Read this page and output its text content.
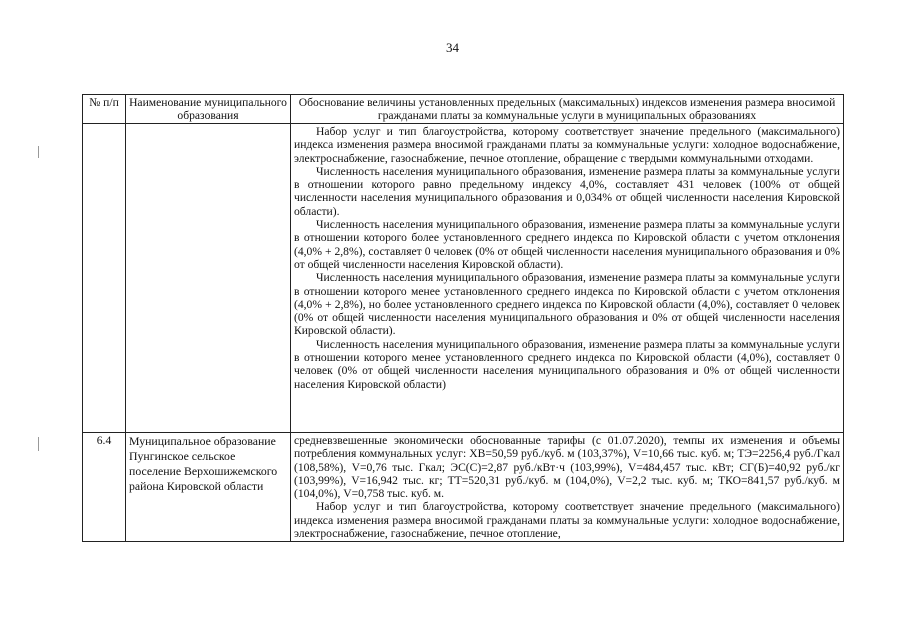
34
№ п/п	Наименование муниципального образования	Обоснование величины установленных предельных (максимальных) индексов изменения размера вносимой гражданами платы за коммунальные услуги в муниципальных образованиях

		Набор услуг и тип благоустройства, которому соответствует значение предельного (максимального) индекса изменения размера вносимой гражданами платы за коммунальные услуги: холодное водоснабжение, электроснабжение, газоснабжение, печное отопление, обращение с твердыми коммунальными отходами.

Численность населения муниципального образования, изменение размера платы за коммунальные услуги в отношении которого равно предельному индексу 4,0%, составляет 431 человек (100% от общей численности населения муниципального образования и 0,034% от общей численности населения Кировской области).

Численность населения муниципального образования, изменение размера платы за коммунальные услуги в отношении которого более установленного среднего индекса по Кировской области с учетом отклонения (4,0% + 2,8%), составляет 0 человек (0% от общей численности населения муниципального образования и 0% от общей численности населения Кировской области).

Численность населения муниципального образования, изменение размера платы за коммунальные услуги в отношении которого менее установленного среднего индекса по Кировской области с учетом отклонения (4,0% + 2,8%), но более установленного среднего индекса по Кировской области (4,0%), составляет 0 человек (0% от общей численности населения муниципального образования и 0% от общей численности населения Кировской области).

Численность населения муниципального образования, изменение размера платы за коммунальные услуги в отношении которого менее установленного среднего индекса по Кировской области (4,0%), составляет 0 человек (0% от общей численности населения муниципального образования и 0% от общей численности населения Кировской области)

6.4	Муниципальное образование Пунгинское сельское поселение Верхошижемского района Кировской области	средневзвешенные экономически обоснованные тарифы (с 01.07.2020), темпы их изменения и объемы потребления коммунальных услуг: ХВ=50,59 руб./куб. м (103,37%), V=10,66 тыс. куб. м; ТЭ=2256,4 руб./Гкал (108,58%), V=0,76 тыс. Гкал; ЭС(С)=2,87 руб./кВт·ч (103,99%), V=484,457 тыс. кВт; СГ(Б)=40,92 руб./кг (103,99%), V=16,942 тыс. кг; ТТ=520,31 руб./куб. м (104,0%), V=2,2 тыс. куб. м; ТКО=841,57 руб./куб. м (104,0%), V=0,758 тыс. куб. м.

Набор услуг и тип благоустройства, которому соответствует значение предельного (максимального) индекса изменения размера вносимой гражданами платы за коммунальные услуги: холодное водоснабжение, электроснабжение, газоснабжение, печное отопление,
